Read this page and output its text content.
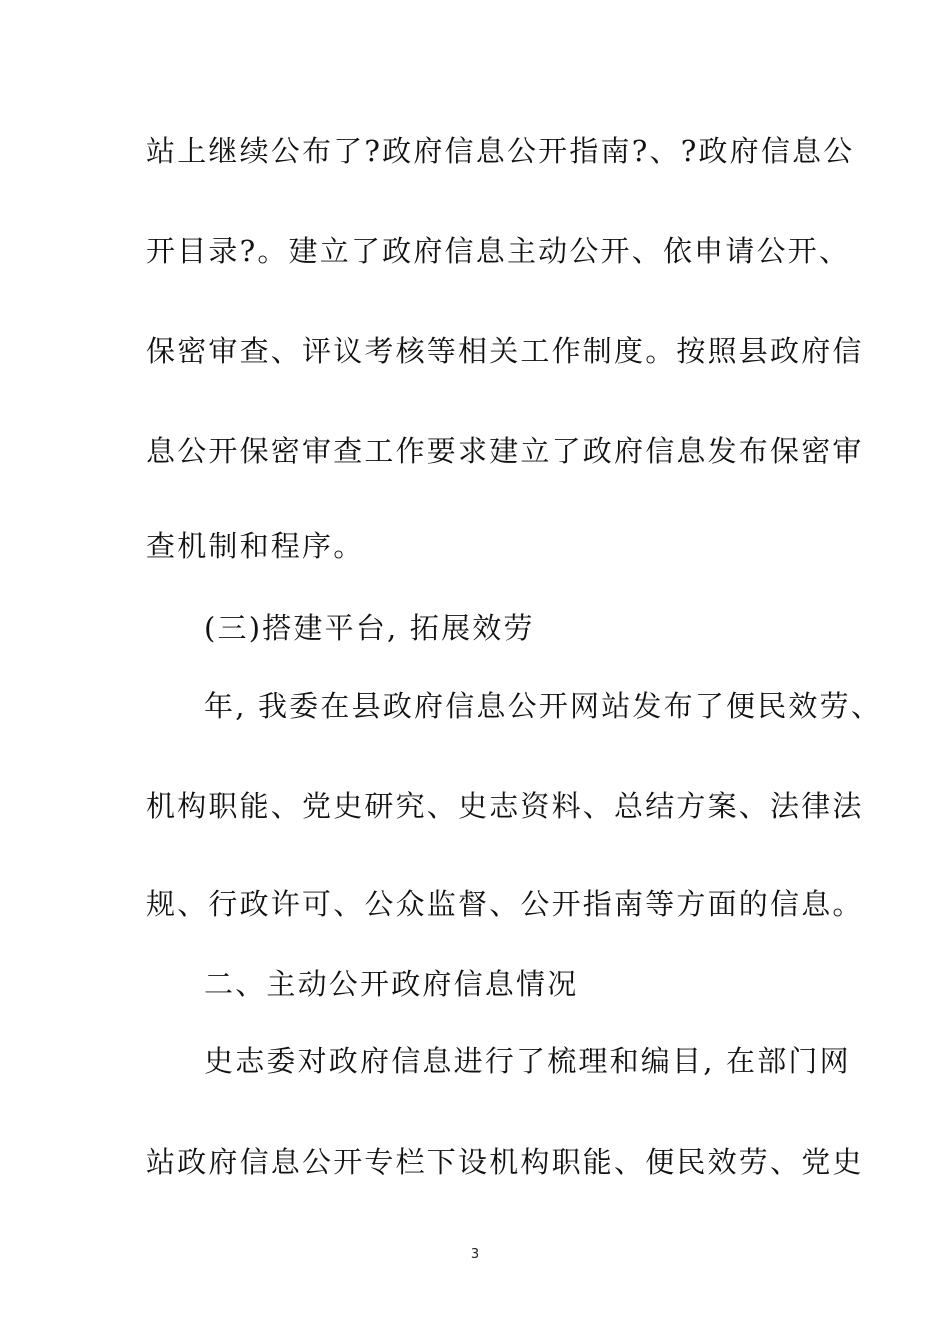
站上继续公布了?政府信息公开指南?、?政府信息公
开目录?。建立了政府信息主动公开、依申请公开、
保密审查、评议考核等相关工作制度。按照县政府信
息公开保密审查工作要求建立了政府信息发布保密审
查机制和程序。
(三)搭建平台, 拓展效劳
年, 我委在县政府信息公开网站发布了便民效劳、
机构职能、党史研究、史志资料、总结方案、法律法
规、行政许可、公众监督、公开指南等方面的信息。
二、主动公开政府信息情况
史志委对政府信息进行了梳理和编目, 在部门网
站政府信息公开专栏下设机构职能、便民效劳、党史
3
